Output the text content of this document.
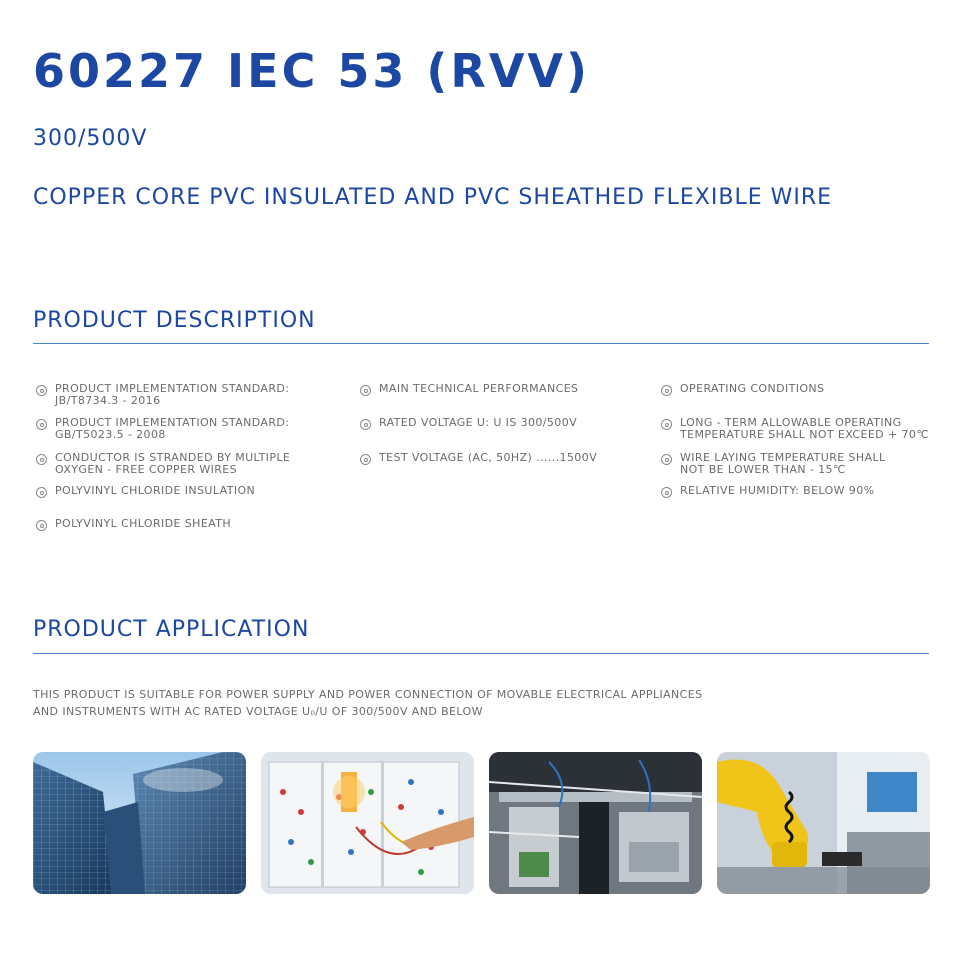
60227 IEC 53 (RVV)
300/500V
COPPER CORE PVC INSULATED AND PVC SHEATHED FLEXIBLE WIRE
PRODUCT DESCRIPTION
PRODUCT IMPLEMENTATION STANDARD:
JB/T8734.3 - 2016
PRODUCT IMPLEMENTATION STANDARD:
GB/T5023.5 - 2008
CONDUCTOR IS STRANDED BY MULTIPLE
OXYGEN - FREE COPPER WIRES
POLYVINYL CHLORIDE INSULATION
POLYVINYL CHLORIDE SHEATH
MAIN TECHNICAL PERFORMANCES
RATED VOLTAGE U: U IS 300/500V
TEST VOLTAGE (AC, 50HZ) ......1500V
OPERATING CONDITIONS
LONG - TERM ALLOWABLE OPERATING
TEMPERATURE SHALL NOT EXCEED + 70℃
WIRE LAYING TEMPERATURE SHALL
NOT BE LOWER THAN - 15℃
RELATIVE HUMIDITY: BELOW 90%
PRODUCT APPLICATION
THIS PRODUCT IS SUITABLE FOR POWER SUPPLY AND POWER CONNECTION OF MOVABLE ELECTRICAL APPLIANCES
AND INSTRUMENTS WITH AC RATED VOLTAGE U₀/U OF 300/500V AND BELOW
